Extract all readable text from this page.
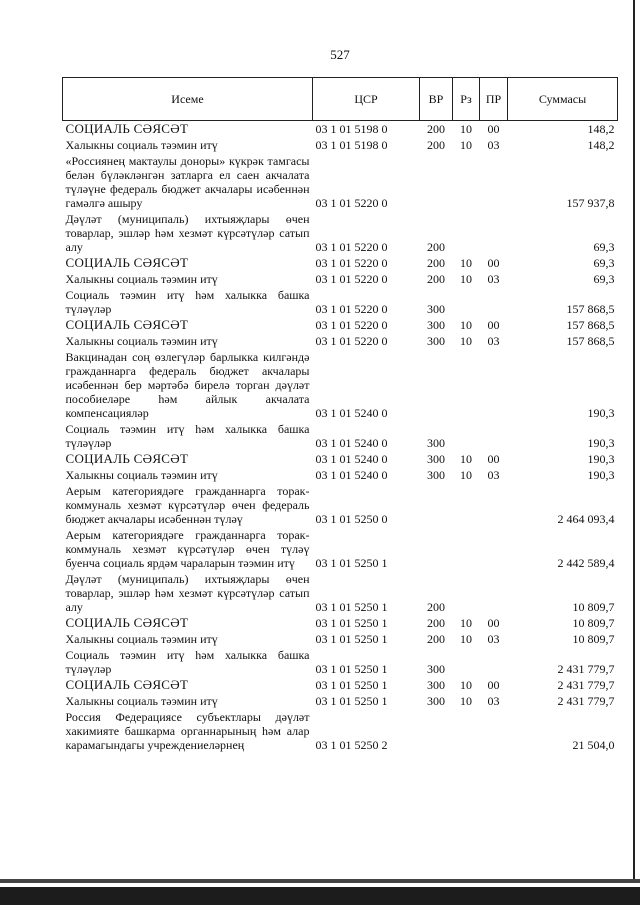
527
Исеме	ЦСР	ВР	Рз	ПР	Суммасы
СОЦИАЛЬ СӘЯСӘТ	03 1 01 5198 0	200	10	00	148,2
Халыкны социаль тәэмин итү	03 1 01 5198 0	200	10	03	148,2
«Россиянең мактаулы доноры» күкрәк тамгасы белән бүләкләнгән затларга ел саен акчалата түләүне федераль бюджет акчалары исәбеннән гамәлгә ашыру	03 1 01 5220 0				157 937,8
Дәүләт (муниципаль) ихтыяҗлары өчен товарлар, эшләр һәм хезмәт күрсәтүләр сатып алу	03 1 01 5220 0	200			69,3
СОЦИАЛЬ СӘЯСӘТ	03 1 01 5220 0	200	10	00	69,3
Халыкны социаль тәэмин итү	03 1 01 5220 0	200	10	03	69,3
Социаль тәэмин итү һәм халыкка башка түләүләр	03 1 01 5220 0	300			157 868,5
СОЦИАЛЬ СӘЯСӘТ	03 1 01 5220 0	300	10	00	157 868,5
Халыкны социаль тәэмин итү	03 1 01 5220 0	300	10	03	157 868,5
Вакцинадан соң өзлегүләр барлыкка килгәндә гражданнарга федераль бюджет акчалары исәбеннән бер мәртәбә бирелә торган дәүләт пособиеләре һәм айлык акчалата компенсацияләр	03 1 01 5240 0				190,3
Социаль тәэмин итү һәм халыкка башка түләүләр	03 1 01 5240 0	300			190,3
СОЦИАЛЬ СӘЯСӘТ	03 1 01 5240 0	300	10	00	190,3
Халыкны социаль тәэмин итү	03 1 01 5240 0	300	10	03	190,3
Аерым категориядәге гражданнарга торак-коммуналь хезмәт күрсәтүләр өчен федераль бюджет акчалары исәбеннән түләү	03 1 01 5250 0				2 464 093,4
Аерым категориядәге гражданнарга торак-коммуналь хезмәт күрсәтүләр өчен түләү буенча социаль ярдәм чараларын тәэмин итү	03 1 01 5250 1				2 442 589,4
Дәүләт (муниципаль) ихтыяҗлары өчен товарлар, эшләр һәм хезмәт күрсәтүләр сатып алу	03 1 01 5250 1	200			10 809,7
СОЦИАЛЬ СӘЯСӘТ	03 1 01 5250 1	200	10	00	10 809,7
Халыкны социаль тәэмин итү	03 1 01 5250 1	200	10	03	10 809,7
Социаль тәэмин итү һәм халыкка башка түләүләр	03 1 01 5250 1	300			2 431 779,7
СОЦИАЛЬ СӘЯСӘТ	03 1 01 5250 1	300	10	00	2 431 779,7
Халыкны социаль тәэмин итү	03 1 01 5250 1	300	10	03	2 431 779,7
Россия Федерациясе субъектлары дәүләт хакимияте башкарма органнарының һәм алар карамагындагы учреждениеләрнең	03 1 01 5250 2				21 504,0
